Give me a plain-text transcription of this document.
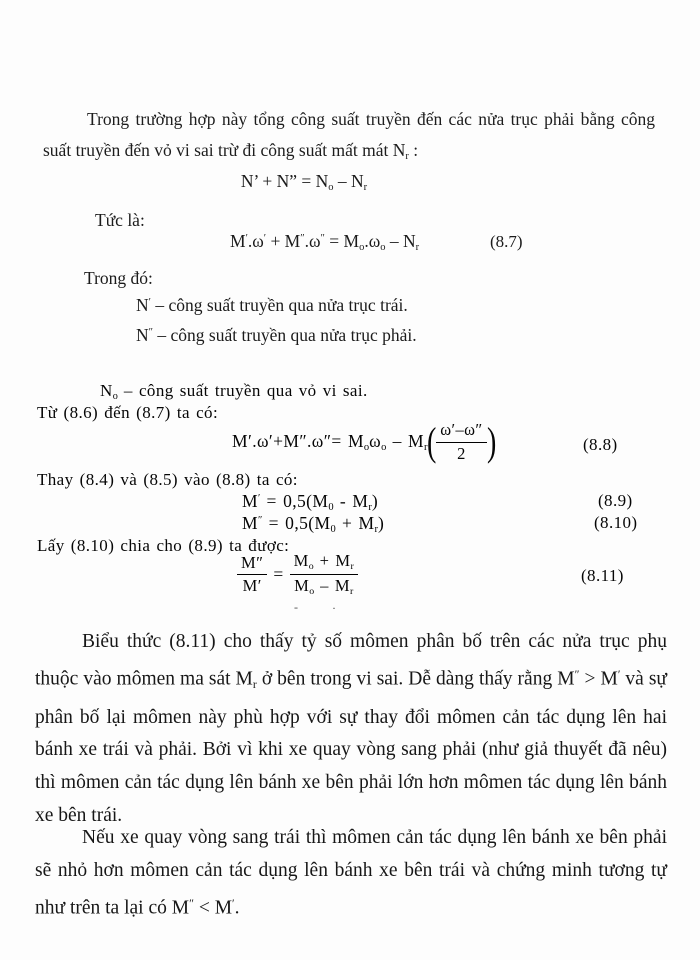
Trong trường hợp này tổng công suất truyền đến các nửa trục phải bằng công suất truyền đến vỏ vi sai trừ đi công suất mất mát Nr :
N’ + N” = No – Nr
Tức là:
M′.ω′ + M″.ω″ = Mo.ωo – Nr	(8.7)
Trong đó:
N′ – công suất truyền qua nửa trục trái.
N″ – công suất truyền qua nửa trục phải.
No – công suất truyền qua vỏ vi sai.
Từ (8.6) đến (8.7) ta có:
M′.ω′+M″.ω″= Moωo – Mr ( $\frac{\omega'-\omega''}{2}$ )	(8.8)
Thay (8.4) và (8.5) vào (8.8) ta có:
M′ = 0,5(M0 - Mr)	(8.9)
M″ = 0,5(M0 + Mr)	(8.10)
Lấy (8.10) chia cho (8.9) ta được:
$\frac{M''}{M'} = \frac{Mo + Mr}{Mo - Mr}$	(8.11)
-	·
Biểu thức (8.11) cho thấy tỷ số mômen phân bố trên các nửa trục phụ thuộc vào mômen ma sát Mr ở bên trong vi sai. Dễ dàng thấy rằng M″ > M′ và sự phân bố lại mômen này phù hợp với sự thay đổi mômen cản tác dụng lên hai bánh xe trái và phải. Bởi vì khi xe quay vòng sang phải (như giả thuyết đã nêu) thì mômen cản tác dụng lên bánh xe bên phải lớn hơn mômen tác dụng lên bánh xe bên trái.
Nếu xe quay vòng sang trái thì mômen cản tác dụng lên bánh xe bên phải sẽ nhỏ hơn mômen cản tác dụng lên bánh xe bên trái và chứng minh tương tự như trên ta lại có M″ < M′.
